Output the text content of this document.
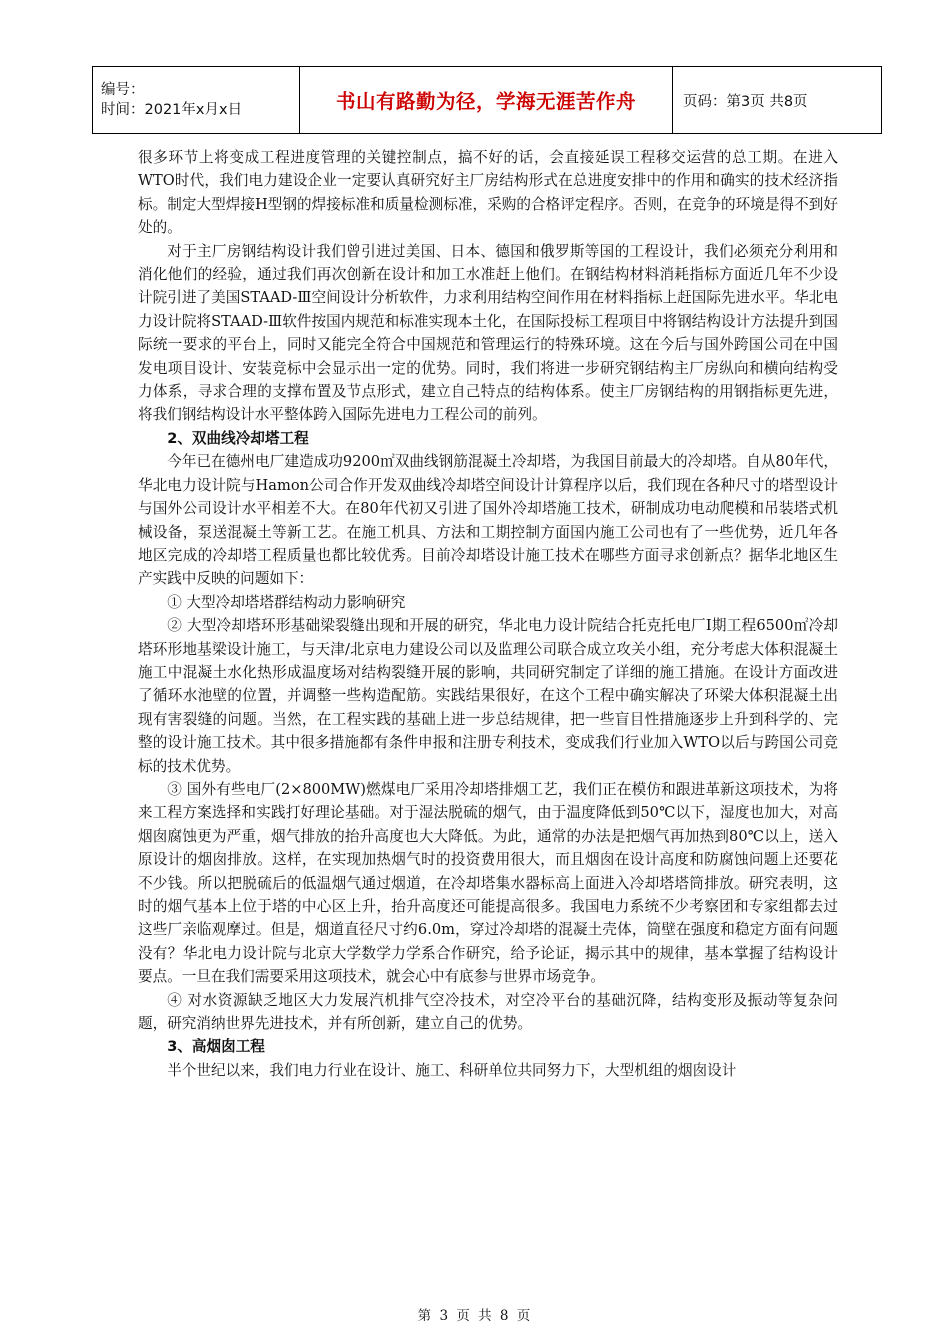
编号：
时间：2021年x月x日	书山有路勤为径，学海无涯苦作舟	页码：第3页 共8页

很多环节上将变成工程进度管理的关键控制点，搞不好的话，会直接延误工程移交运营的总工期。在进入WTO时代，我们电力建设企业一定要认真研究好主厂房结构形式在总进度安排中的作用和确实的技术经济指标。制定大型焊接H型钢的焊接标准和质量检测标准，采购的合格评定程序。否则，在竞争的环境是得不到好处的。

对于主厂房钢结构设计我们曾引进过美国、日本、德国和俄罗斯等国的工程设计，我们必须充分利用和消化他们的经验，通过我们再次创新在设计和加工水准赶上他们。在钢结构材料消耗指标方面近几年不少设计院引进了美国STAAD-Ⅲ空间设计分析软件，力求利用结构空间作用在材料指标上赶国际先进水平。华北电力设计院将STAAD-Ⅲ软件按国内规范和标准实现本土化，在国际投标工程项目中将钢结构设计方法提升到国际统一要求的平台上，同时又能完全符合中国规范和管理运行的特殊环境。这在今后与国外跨国公司在中国发电项目设计、安装竞标中会显示出一定的优势。同时，我们将进一步研究钢结构主厂房纵向和横向结构受力体系，寻求合理的支撑布置及节点形式，建立自己特点的结构体系。使主厂房钢结构的用钢指标更先进，将我们钢结构设计水平整体跨入国际先进电力工程公司的前列。

2、双曲线冷却塔工程

今年已在德州电厂建造成功9200㎡双曲线钢筋混凝土冷却塔，为我国目前最大的冷却塔。自从80年代，华北电力设计院与Hamon公司合作开发双曲线冷却塔空间设计计算程序以后，我们现在各种尺寸的塔型设计与国外公司设计水平相差不大。在80年代初又引进了国外冷却塔施工技术，研制成功电动爬模和吊装塔式机械设备，泵送混凝土等新工艺。在施工机具、方法和工期控制方面国内施工公司也有了一些优势，近几年各地区完成的冷却塔工程质量也都比较优秀。目前冷却塔设计施工技术在哪些方面寻求创新点？据华北地区生产实践中反映的问题如下：

① 大型冷却塔塔群结构动力影响研究

② 大型冷却塔环形基础梁裂缝出现和开展的研究，华北电力设计院结合托克托电厂Ⅰ期工程6500㎡冷却塔环形地基梁设计施工，与天津/北京电力建设公司以及监理公司联合成立攻关小组，充分考虑大体积混凝土施工中混凝土水化热形成温度场对结构裂缝开展的影响，共同研究制定了详细的施工措施。在设计方面改进了循环水池壁的位置，并调整一些构造配筋。实践结果很好，在这个工程中确实解决了环梁大体积混凝土出现有害裂缝的问题。当然，在工程实践的基础上进一步总结规律，把一些盲目性措施逐步上升到科学的、完整的设计施工技术。其中很多措施都有条件申报和注册专利技术，变成我们行业加入WTO以后与跨国公司竞标的技术优势。

③ 国外有些电厂(2×800MW)燃煤电厂采用冷却塔排烟工艺，我们正在模仿和跟进革新这项技术，为将来工程方案选择和实践打好理论基础。对于湿法脱硫的烟气，由于温度降低到50℃以下，湿度也加大，对高烟囱腐蚀更为严重，烟气排放的抬升高度也大大降低。为此，通常的办法是把烟气再加热到80℃以上，送入原设计的烟囱排放。这样，在实现加热烟气时的投资费用很大，而且烟囱在设计高度和防腐蚀问题上还要花不少钱。所以把脱硫后的低温烟气通过烟道，在冷却塔集水器标高上面进入冷却塔塔筒排放。研究表明，这时的烟气基本上位于塔的中心区上升，抬升高度还可能提高很多。我国电力系统不少考察团和专家组都去过这些厂亲临观摩过。但是，烟道直径尺寸约6.0m，穿过冷却塔的混凝土壳体，筒壁在强度和稳定方面有问题没有？华北电力设计院与北京大学数学力学系合作研究，给予论证，揭示其中的规律，基本掌握了结构设计要点。一旦在我们需要采用这项技术，就会心中有底参与世界市场竞争。

④ 对水资源缺乏地区大力发展汽机排气空冷技术，对空冷平台的基础沉降，结构变形及振动等复杂问题，研究消纳世界先进技术，并有所创新，建立自己的优势。

3、高烟囱工程

半个世纪以来，我们电力行业在设计、施工、科研单位共同努力下，大型机组的烟囱设计

第 3 页 共 8 页
